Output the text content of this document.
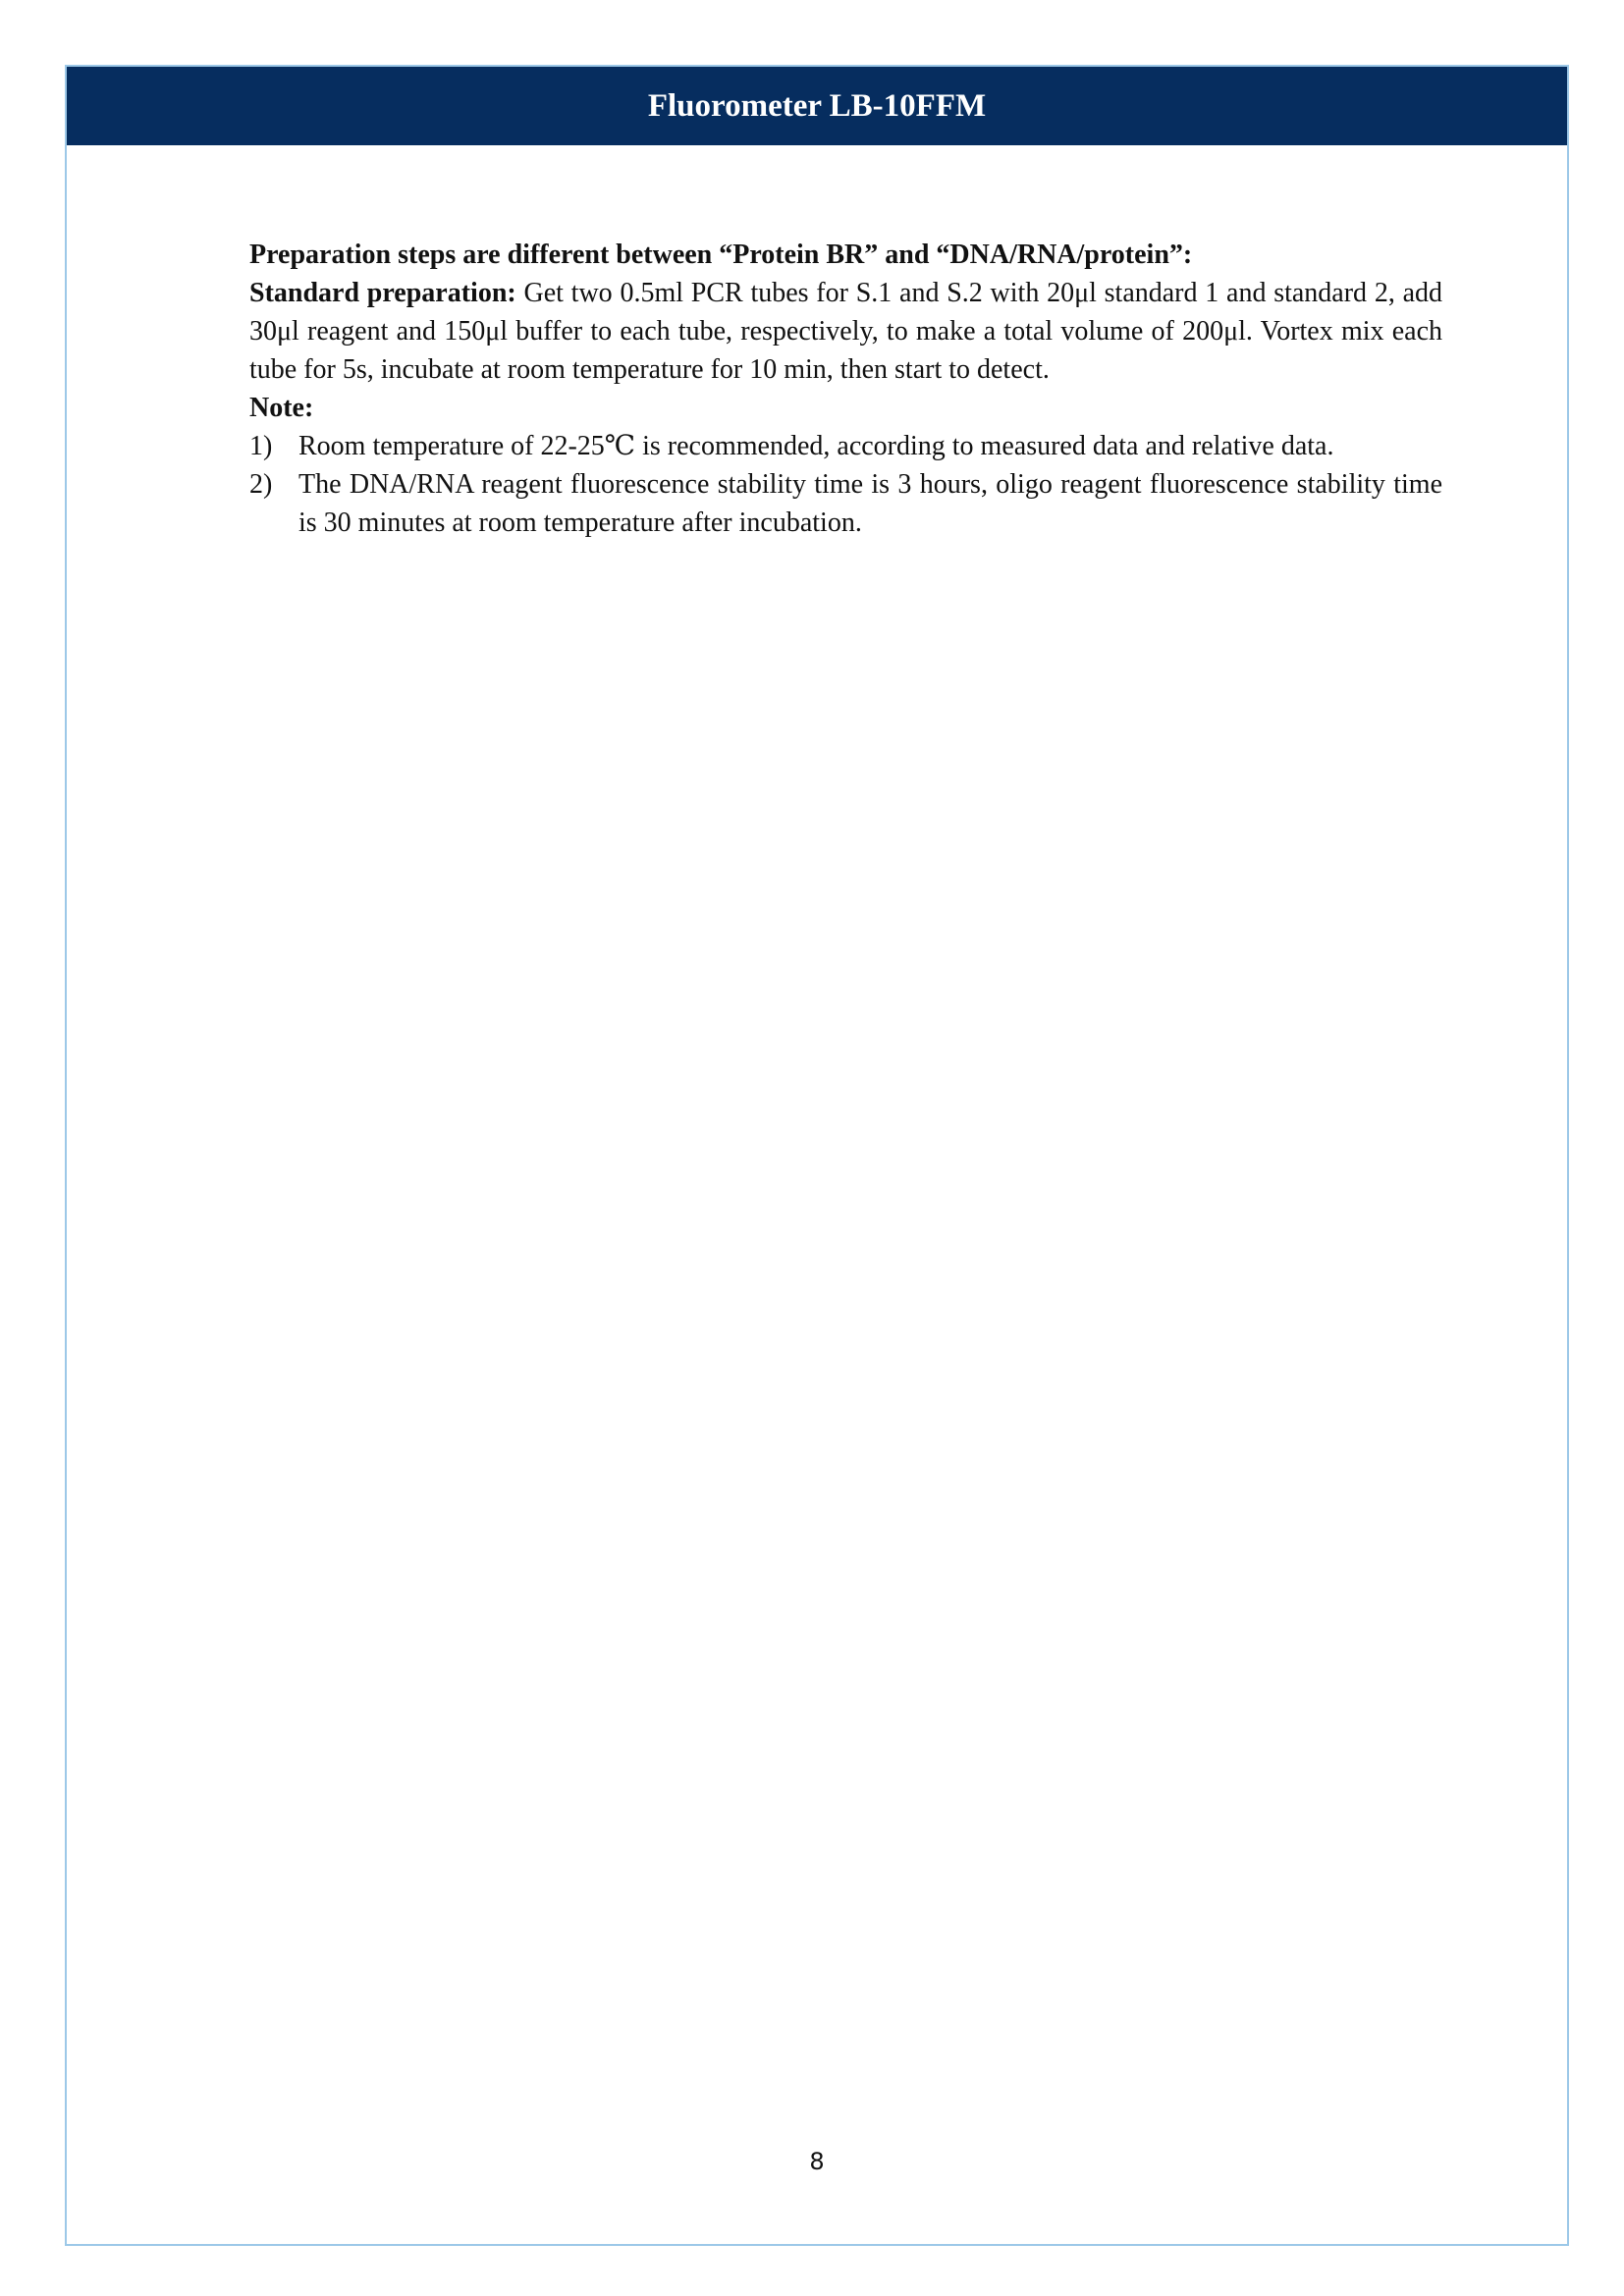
Fluorometer LB-10FFM

Preparation steps are different between “Protein BR” and “DNA/RNA/protein”:

Standard preparation: Get two 0.5ml PCR tubes for S.1 and S.2 with 20μl standard 1 and standard 2, add 30μl reagent and 150μl buffer to each tube, respectively, to make a total volume of 200μl. Vortex mix each tube for 5s, incubate at room temperature for 10 min, then start to detect.

Note:

1) Room temperature of 22-25℃ is recommended, according to measured data and relative data.
2) The DNA/RNA reagent fluorescence stability time is 3 hours, oligo reagent fluorescence stability time is 30 minutes at room temperature after incubation.
8
